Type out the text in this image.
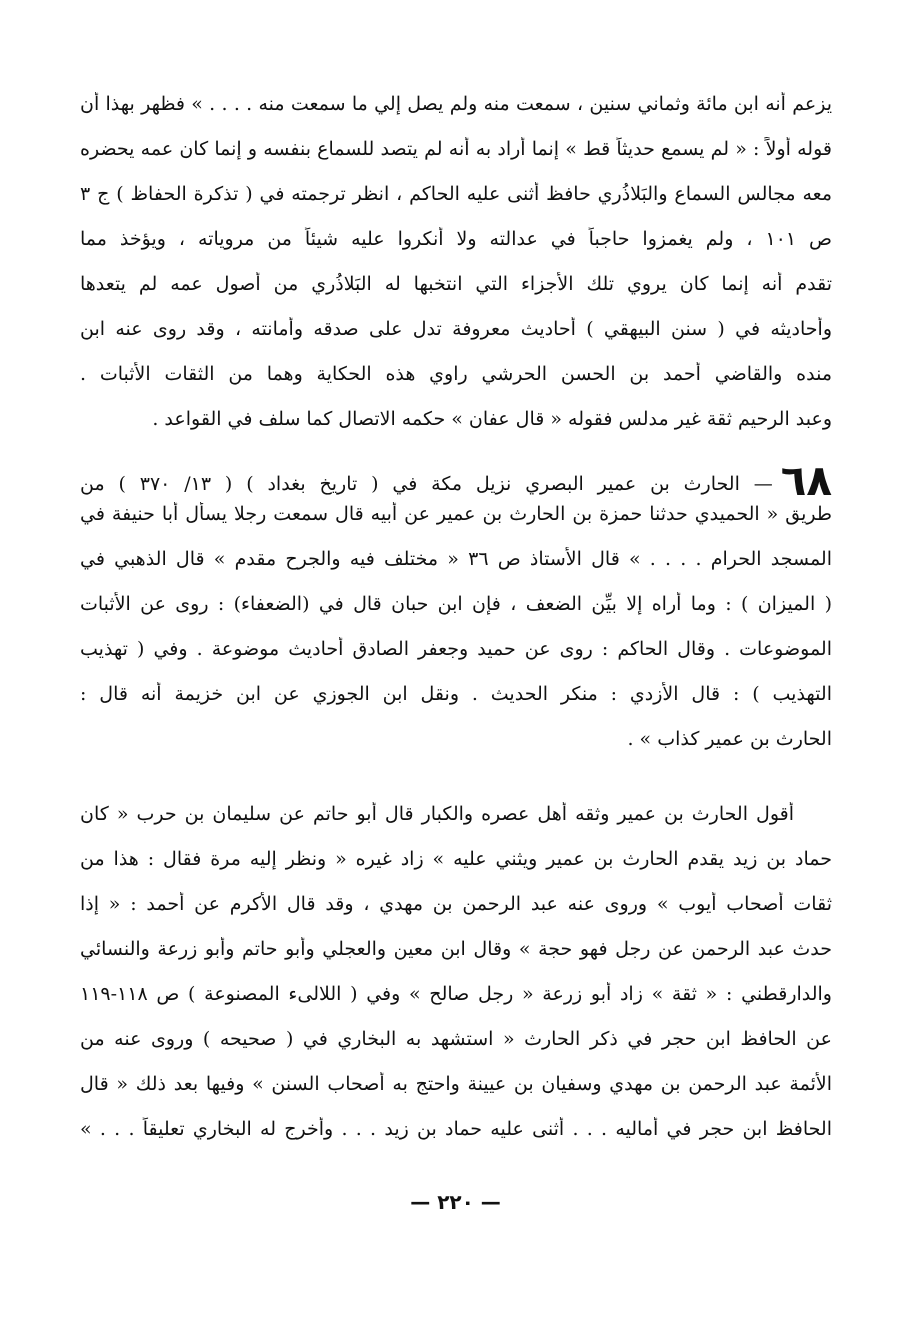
يزعم أنه ابن مائة وثماني سنين ، سمعت منه ولم يصل إلي ما سمعت منه . . . . » فظهر بهذا أن
قوله أولاً : « لم يسمع حديثاً قط » إنما أراد به أنه لم يتصد للسماع بنفسه و إنما كان عمه يحضره
معه مجالس السماع والبَلاذُري حافظ أثنى عليه الحاكم ، انظر ترجمته في ( تذكرة الحفاظ ) ج ٣
ص ١٠١ ، ولم يغمزوا حاجباً في عدالته ولا أنكروا عليه شيئاً من مروياته ، ويؤخذ مما
تقدم أنه إنما كان يروي تلك الأجزاء التي انتخبها له البَلاذُري من أصول عمه لم يتعدها
وأحاديثه في ( سنن البيهقي ) أحاديث معروفة تدل على صدقه وأمانته ، وقد روى عنه ابن
منده والقاضي أحمد بن الحسن الحرشي راوي هذه الحكاية وهما من الثقات الأثبات .
وعبد الرحيم ثقة غير مدلس فقوله « قال عفان » حكمه الاتصال كما سلف في القواعد .
٦٨
— الحارث بن عمير البصري نزيل مكة في ( تاريخ بغداد ) ( ١٣/ ٣٧٠ ) من
طريق « الحميدي حدثنا حمزة بن الحارث بن عمير عن أبيه قال سمعت رجلا يسأل أبا حنيفة في
المسجد الحرام . . . . » قال الأستاذ ص ٣٦ « مختلف فيه والجرح مقدم » قال الذهبي في
( الميزان ) : وما أراه إلا بيِّن الضعف ، فإن ابن حبان قال في (الضعفاء) : روى عن الأثبات
الموضوعات . وقال الحاكم : روى عن حميد وجعفر الصادق أحاديث موضوعة . وفي ( تهذيب
التهذيب ) : قال الأزدي : منكر الحديث . ونقل ابن الجوزي عن ابن خزيمة أنه قال :
الحارث بن عمير كذاب » .
أقول الحارث بن عمير وثقه أهل عصره والكبار قال أبو حاتم عن سليمان بن حرب « كان
حماد بن زيد يقدم الحارث بن عمير ويثني عليه » زاد غيره « ونظر إليه مرة فقال : هذا من
ثقات أصحاب أيوب » وروى عنه عبد الرحمن بن مهدي ، وقد قال الأكرم عن أحمد : « إذا
حدث عبد الرحمن عن رجل فهو حجة » وقال ابن معين والعجلي وأبو حاتم وأبو زرعة والنسائي
والدارقطني : « ثقة » زاد أبو زرعة « رجل صالح » وفي ( اللالىء المصنوعة ) ص ١١٨-١١٩
عن الحافظ ابن حجر في ذكر الحارث « استشهد به البخاري في ( صحيحه ) وروى عنه من
الأئمة عبد الرحمن بن مهدي وسفيان بن عيينة واحتج به أصحاب السنن » وفيها بعد ذلك « قال
الحافظ ابن حجر في أماليه . . . أثنى عليه حماد بن زيد . . . وأخرج له البخاري تعليقاً . . . »
— ٢٢٠ —
